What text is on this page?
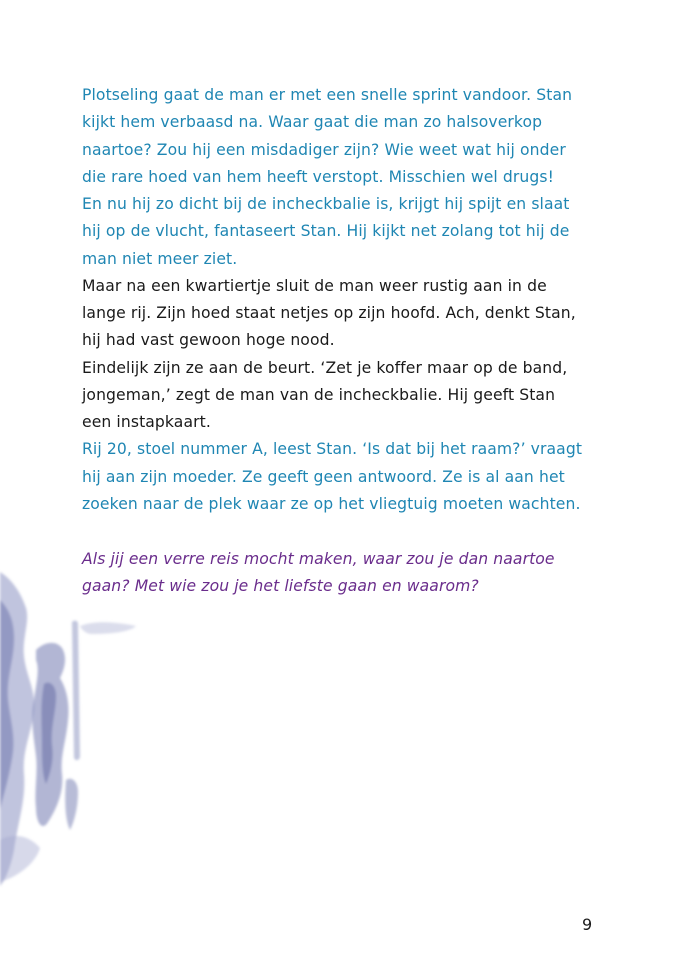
Plotseling gaat de man er met een snelle sprint vandoor. Stan
kijkt hem verbaasd na. Waar gaat die man zo halsoverkop
naartoe? Zou hij een misdadiger zijn? Wie weet wat hij onder
die rare hoed van hem heeft verstopt. Misschien wel drugs!
En nu hij zo dicht bij de incheckbalie is, krijgt hij spijt en slaat
hij op de vlucht, fantaseert Stan. Hij kijkt net zolang tot hij de
man niet meer ziet.
Maar na een kwartiertje sluit de man weer rustig aan in de
lange rij. Zijn hoed staat netjes op zijn hoofd. Ach, denkt Stan,
hij had vast gewoon hoge nood.
Eindelijk zijn ze aan de beurt. ‘Zet je koffer maar op de band,
jongeman,’ zegt de man van de incheckbalie. Hij geeft Stan
een instapkaart.
Rij 20, stoel nummer A, leest Stan. ‘Is dat bij het raam?’ vraagt
hij aan zijn moeder. Ze geeft geen antwoord. Ze is al aan het
zoeken naar de plek waar ze op het vliegtuig moeten wachten.
Als jij een verre reis mocht maken, waar zou je dan naartoe
gaan? Met wie zou je het liefste gaan en waarom?
9
